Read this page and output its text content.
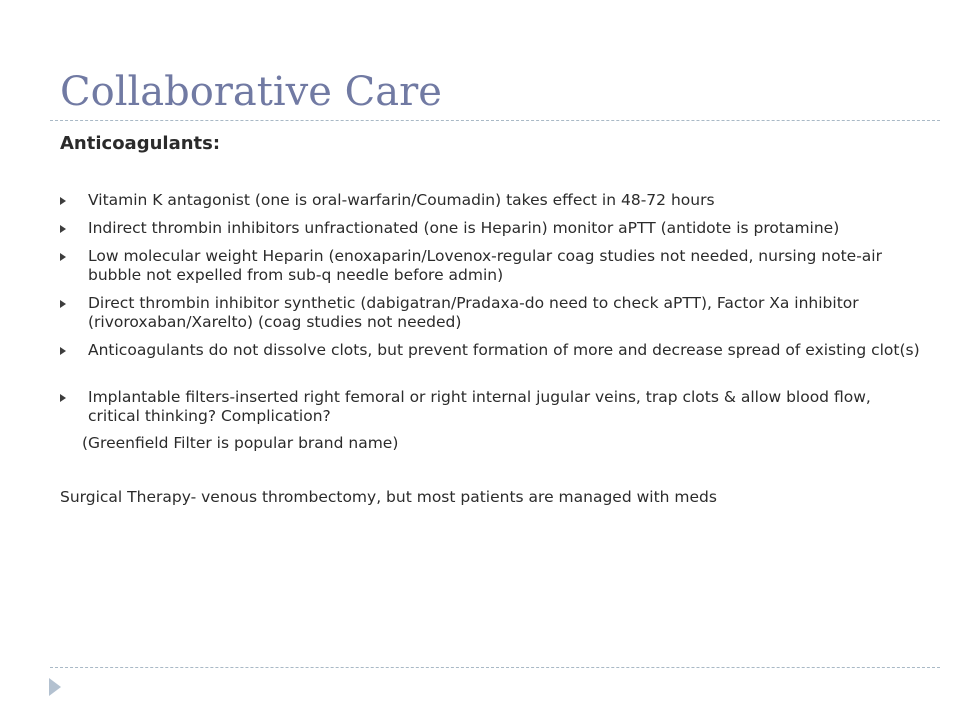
Collaborative Care
Anticoagulants:
Vitamin K antagonist (one is oral-warfarin/Coumadin) takes effect in 48-72 hours
Indirect thrombin inhibitors unfractionated (one is Heparin) monitor aPTT (antidote is protamine)
Low molecular weight Heparin (enoxaparin/Lovenox-regular coag studies not needed, nursing note-air bubble not expelled from sub-q needle before admin)
Direct thrombin inhibitor synthetic (dabigatran/Pradaxa-do need to check aPTT), Factor Xa inhibitor (rivoroxaban/Xarelto) (coag studies not needed)
Anticoagulants do not dissolve clots, but prevent formation of more and decrease spread of existing clot(s)
Implantable filters-inserted right femoral or right internal jugular veins, trap clots & allow blood flow, critical thinking? Complication?

(Greenfield Filter is popular brand name)

Surgical Therapy- venous thrombectomy, but most patients are managed with meds
